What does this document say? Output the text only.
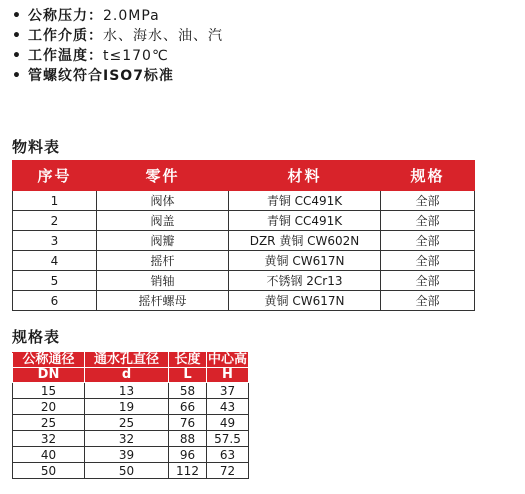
• 公称压力：2.0MPa
• 工作介质：水、海水、油、汽
• 工作温度：t≤170℃
• 管螺纹符合ISO7标准
物料表
序号	零件	材料	规格
1	阀体	青铜 CC491K	全部
2	阀盖	青铜 CC491K	全部
3	阀瓣	DZR 黄铜 CW602N	全部
4	摇杆	黄铜 CW617N	全部
5	销轴	不锈钢 2Cr13	全部
6	摇杆螺母	黄铜 CW617N	全部
规格表
公称通径	通水孔直径	长度	中心高
DN	d	L	H
15	13	58	37
20	19	66	43
25	25	76	49
32	32	88	57.5
40	39	96	63
50	50	112	72
